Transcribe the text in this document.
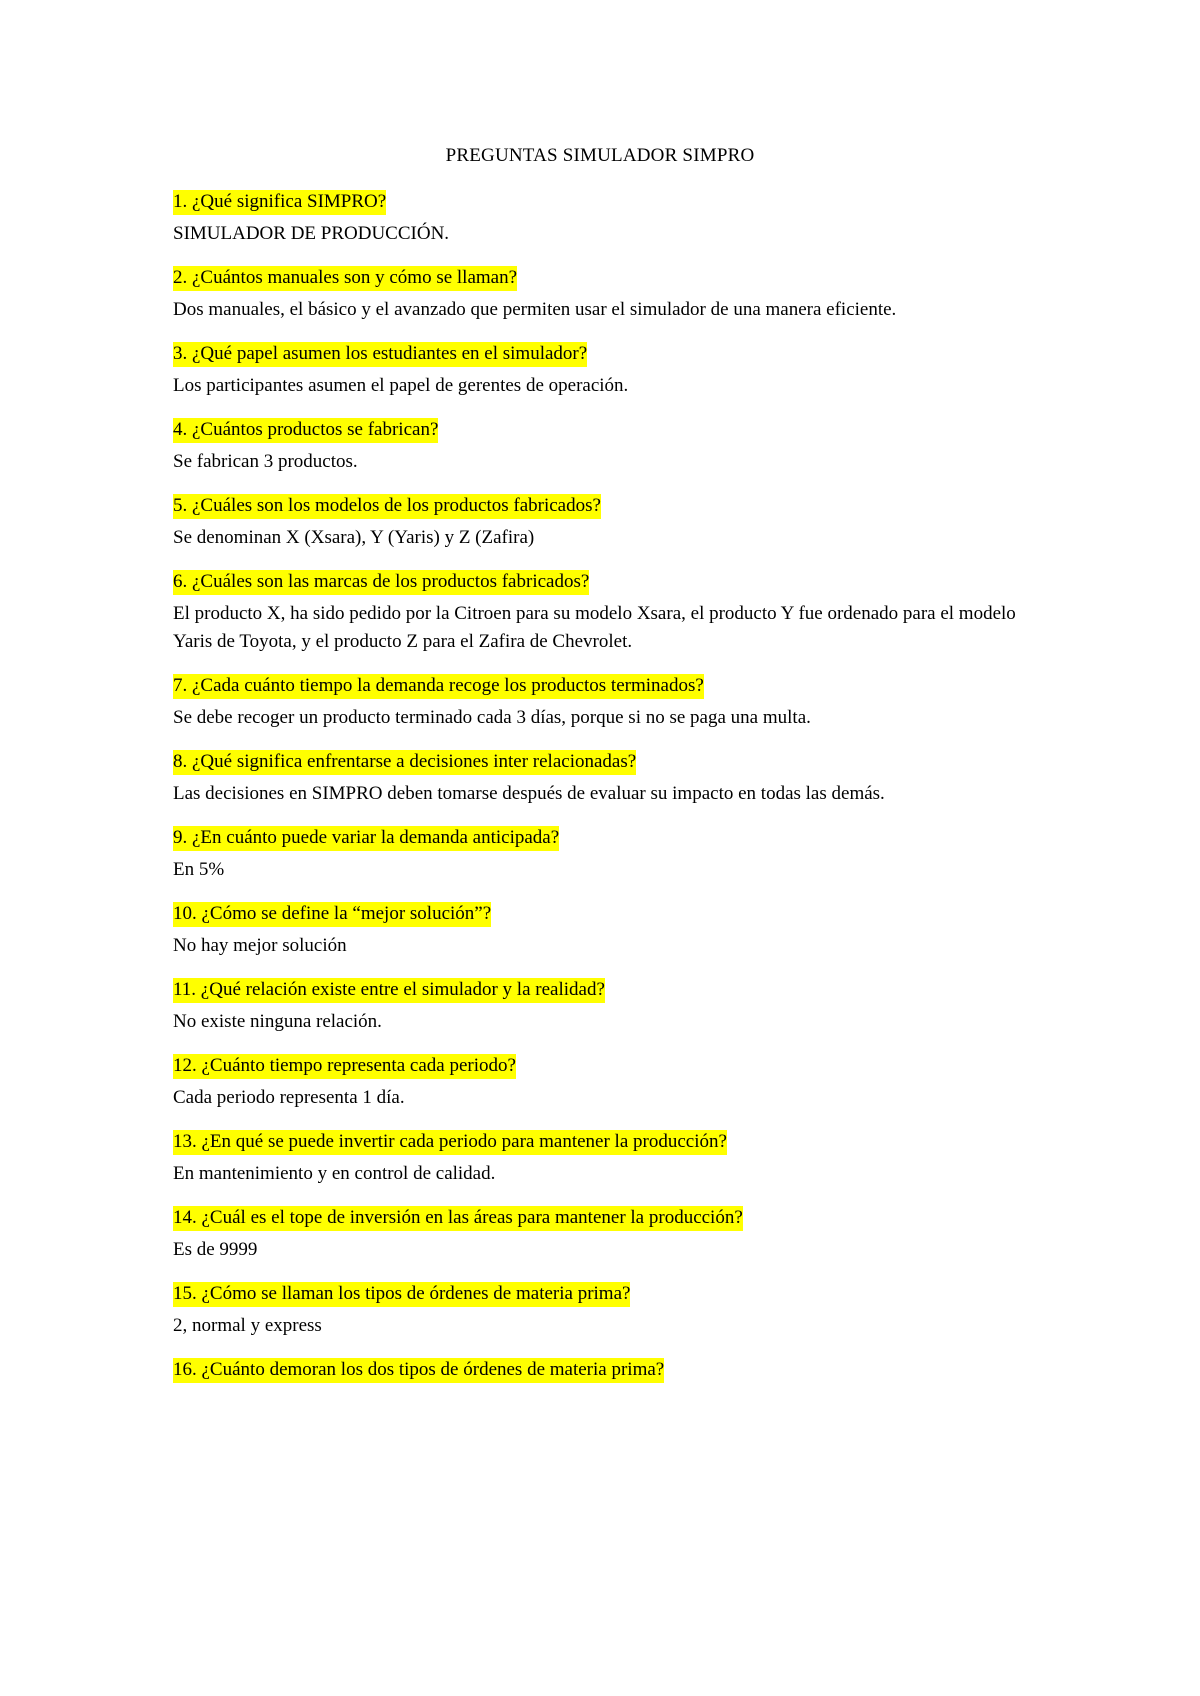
PREGUNTAS SIMULADOR SIMPRO

1. ¿Qué significa SIMPRO?

SIMULADOR DE PRODUCCIÓN.

2. ¿Cuántos manuales son y cómo se llaman?

Dos manuales, el básico y el avanzado que permiten usar el simulador de una manera eficiente.

3. ¿Qué papel asumen los estudiantes en el simulador?

Los participantes asumen el papel de gerentes de operación.

4. ¿Cuántos productos se fabrican?

Se fabrican 3 productos.

5. ¿Cuáles son los modelos de los productos fabricados?

Se denominan X (Xsara), Y (Yaris) y Z (Zafira)

6. ¿Cuáles son las marcas de los productos fabricados?

El producto X, ha sido pedido por la Citroen para su modelo Xsara, el producto Y fue ordenado para el modelo Yaris de Toyota, y el producto Z para el Zafira de Chevrolet.

7. ¿Cada cuánto tiempo la demanda recoge los productos terminados?

Se debe recoger un producto terminado cada 3 días, porque si no se paga una multa.

8. ¿Qué significa enfrentarse a decisiones inter relacionadas?

Las decisiones en SIMPRO deben tomarse después de evaluar su impacto en todas las demás.

9. ¿En cuánto puede variar la demanda anticipada?

En 5%

10. ¿Cómo se define la “mejor solución”?

No hay mejor solución

11. ¿Qué relación existe entre el simulador y la realidad?

No existe ninguna relación.

12. ¿Cuánto tiempo representa cada periodo?

Cada periodo representa 1 día.

13. ¿En qué se puede invertir cada periodo para mantener la producción?

En mantenimiento y en control de calidad.

14. ¿Cuál es el tope de inversión en las áreas para mantener la producción?

Es de 9999

15. ¿Cómo se llaman los tipos de órdenes de materia prima?

2, normal y express

16. ¿Cuánto demoran los dos tipos de órdenes de materia prima?
